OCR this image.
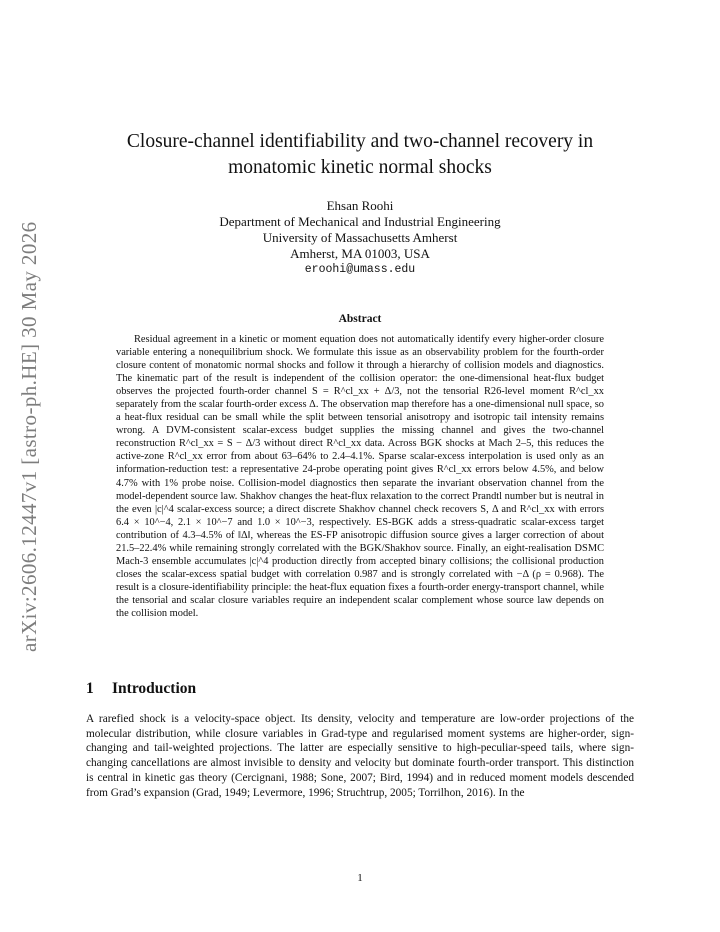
arXiv:2606.12447v1 [astro-ph.HE] 30 May 2026
Closure-channel identifiability and two-channel recovery in
monatomic kinetic normal shocks
Ehsan Roohi
Department of Mechanical and Industrial Engineering
University of Massachusetts Amherst
Amherst, MA 01003, USA
eroohi@umass.edu
Abstract

Residual agreement in a kinetic or moment equation does not automatically identify every higher-order closure variable entering a nonequilibrium shock. We formulate this issue as an observability problem for the fourth-order closure content of monatomic normal shocks and follow it through a hierarchy of collision models and diagnostics. The kinematic part of the result is independent of the collision operator: the one-dimensional heat-flux budget observes the projected fourth-order channel S = R^cl_xx + Δ/3, not the tensorial R26-level moment R^cl_xx separately from the scalar fourth-order excess Δ. The observation map therefore has a one-dimensional null space, so a heat-flux residual can be small while the split between tensorial anisotropy and isotropic tail intensity remains wrong. A DVM-consistent scalar-excess budget supplies the missing channel and gives the two-channel reconstruction R^cl_xx = S − Δ/3 without direct R^cl_xx data. Across BGK shocks at Mach 2–5, this reduces the active-zone R^cl_xx error from about 63–64% to 2.4–4.1%. Sparse scalar-excess interpolation is used only as an information-reduction test: a representative 24-probe operating point gives R^cl_xx errors below 4.5%, and below 4.7% with 1% probe noise. Collision-model diagnostics then separate the invariant observation channel from the model-dependent source law. Shakhov changes the heat-flux relaxation to the correct Prandtl number but is neutral in the even |c|^4 scalar-excess source; a direct discrete Shakhov channel check recovers S, Δ and R^cl_xx with errors 6.4 × 10^−4, 2.1 × 10^−7 and 1.0 × 10^−3, respectively. ES-BGK adds a stress-quadratic scalar-excess target contribution of 4.3–4.5% of ‖Δ‖, whereas the ES-FP anisotropic diffusion source gives a larger correction of about 21.5–22.4% while remaining strongly correlated with the BGK/Shakhov source. Finally, an eight-realisation DSMC Mach-3 ensemble accumulates |c|^4 production directly from accepted binary collisions; the collisional production closes the scalar-excess spatial budget with correlation 0.987 and is strongly correlated with −Δ (ρ = 0.968). The result is a closure-identifiability principle: the heat-flux equation fixes a fourth-order energy-transport channel, while the tensorial and scalar closure variables require an independent scalar complement whose source law depends on the collision model.

1 Introduction

A rarefied shock is a velocity-space object. Its density, velocity and temperature are low-order projections of the molecular distribution, while closure variables in Grad-type and regularised moment systems are higher-order, sign-changing and tail-weighted projections. The latter are especially sensitive to high-peculiar-speed tails, where sign-changing cancellations are almost invisible to density and velocity but dominate fourth-order transport. This distinction is central in kinetic gas theory (Cercignani, 1988; Sone, 2007; Bird, 1994) and in reduced moment models descended from Grad’s expansion (Grad, 1949; Levermore, 1996; Struchtrup, 2005; Torrilhon, 2016). In the

1
